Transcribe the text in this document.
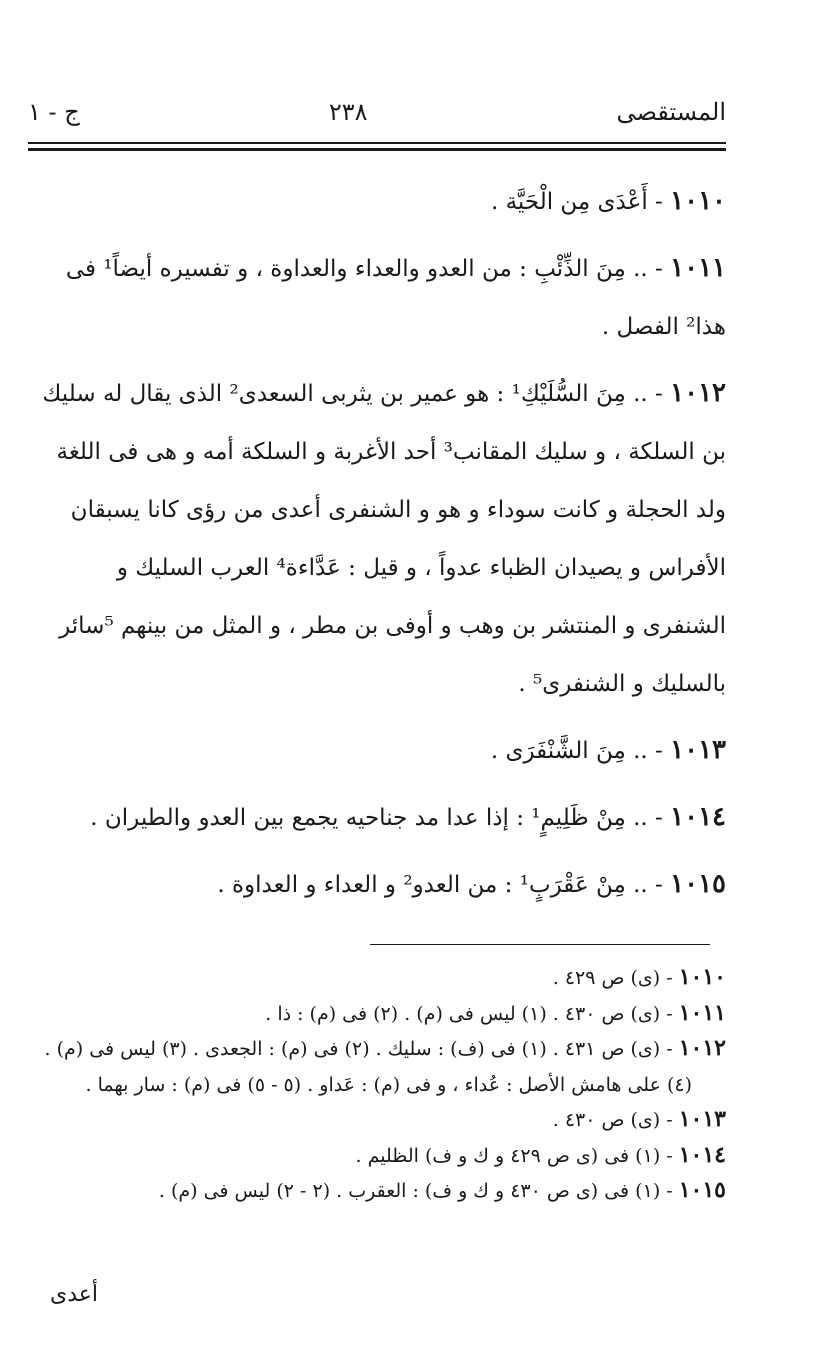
المستقصى
٢٣٨
ج - ١

١٠١٠ - أَعْدَى مِن الْحَيَّة .

١٠١١ - .. مِنَ الذِّئْبِ : من العدو والعداء والعداوة ، و تفسيره أيضاً¹ فى هذا² الفصل .

١٠١٢ - .. مِنَ السُّلَيْكِ¹ : هو عمير بن يثربى السعدى² الذى يقال له سليك بن السلكة ، و سليك المقانب³ أحد الأغربة و السلكة أمه و هى فى اللغة ولد الحجلة و كانت سوداء و هو و الشنفرى أعدى من رؤى كانا يسبقان الأفراس و يصيدان الظباء عدواً ، و قيل : عَدَّاءة⁴ العرب السليك و الشنفرى و المنتشر بن وهب و أوفى بن مطر ، و المثل من بينهم ⁵سائر بالسليك و الشنفرى⁵ .

١٠١٣ - .. مِنَ الشَّنْفَرَى .

١٠١٤ - .. مِنْ ظَلِيمٍ¹ : إذا عدا مد جناحيه يجمع بين العدو والطيران .

١٠١٥ - .. مِنْ عَقْرَبٍ¹ : من العدو² و العداء و العداوة .

١٠١٠ - (ى) ص ٤٢٩ .
١٠١١ - (ى) ص ٤٣٠ . (١) ليس فى (م) . (٢) فى (م) : ذا .
١٠١٢ - (ى) ص ٤٣١ . (١) فى (ف) : سليك . (٢) فى (م) : الجعدى . (٣) ليس فى (م) .
(٤) على هامش الأصل : عُداء ، و فى (م) : عَداو . (٥ - ٥) فى (م) : سار بهما .
١٠١٣ - (ى) ص ٤٣٠ .
١٠١٤ - (١) فى (ى ص ٤٢٩ و ك و ف) الظليم .
١٠١٥ - (١) فى (ى ص ٤٣٠ و ك و ف) : العقرب . (٢ - ٢) ليس فى (م) .
أعدى
